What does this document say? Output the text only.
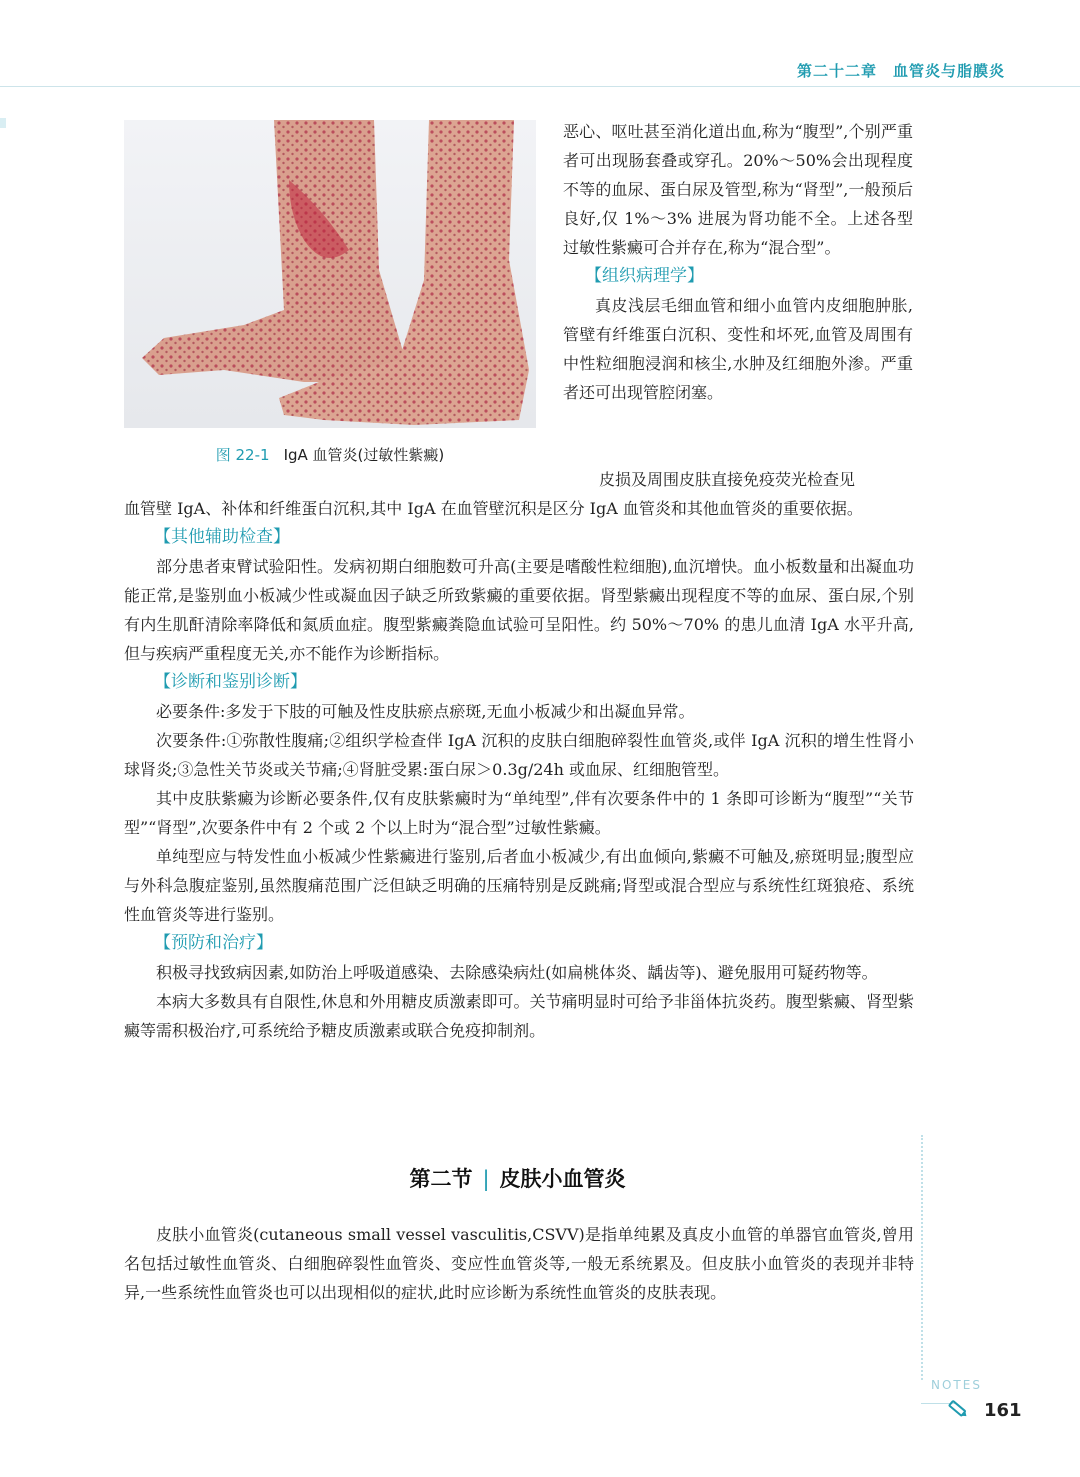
第二十二章　血管炎与脂膜炎
图 22-1 IgA 血管炎(过敏性紫癜)

恶心、呕吐甚至消化道出血,称为“腹型”,个别严重者可出现肠套叠或穿孔。20%～50%会出现程度不等的血尿、蛋白尿及管型,称为“肾型”,一般预后良好,仅 1%～3% 进展为肾功能不全。上述各型过敏性紫癜可合并存在,称为“混合型”。

【组织病理学】

真皮浅层毛细血管和细小血管内皮细胞肿胀,管壁有纤维蛋白沉积、变性和坏死,血管及周围有中性粒细胞浸润和核尘,水肿及红细胞外渗。严重者还可出现管腔闭塞。

皮损及周围皮肤直接免疫荧光检查见

血管壁 IgA、补体和纤维蛋白沉积,其中 IgA 在血管壁沉积是区分 IgA 血管炎和其他血管炎的重要依据。

【其他辅助检查】

部分患者束臂试验阳性。发病初期白细胞数可升高(主要是嗜酸性粒细胞),血沉增快。血小板数量和出凝血功能正常,是鉴别血小板减少性或凝血因子缺乏所致紫癜的重要依据。肾型紫癜出现程度不等的血尿、蛋白尿,个别有内生肌酐清除率降低和氮质血症。腹型紫癜粪隐血试验可呈阳性。约 50%～70% 的患儿血清 IgA 水平升高,但与疾病严重程度无关,亦不能作为诊断指标。

【诊断和鉴别诊断】

必要条件:多发于下肢的可触及性皮肤瘀点瘀斑,无血小板减少和出凝血异常。

次要条件:①弥散性腹痛;②组织学检查伴 IgA 沉积的皮肤白细胞碎裂性血管炎,或伴 IgA 沉积的增生性肾小球肾炎;③急性关节炎或关节痛;④肾脏受累:蛋白尿＞0.3g/24h 或血尿、红细胞管型。

其中皮肤紫癜为诊断必要条件,仅有皮肤紫癜时为“单纯型”,伴有次要条件中的 1 条即可诊断为“腹型”“关节型”“肾型”,次要条件中有 2 个或 2 个以上时为“混合型”过敏性紫癜。

单纯型应与特发性血小板减少性紫癜进行鉴别,后者血小板减少,有出血倾向,紫癜不可触及,瘀斑明显;腹型应与外科急腹症鉴别,虽然腹痛范围广泛但缺乏明确的压痛特别是反跳痛;肾型或混合型应与系统性红斑狼疮、系统性血管炎等进行鉴别。

【预防和治疗】

积极寻找致病因素,如防治上呼吸道感染、去除感染病灶(如扁桃体炎、龋齿等)、避免服用可疑药物等。

本病大多数具有自限性,休息和外用糖皮质激素即可。关节痛明显时可给予非甾体抗炎药。腹型紫癜、肾型紫癜等需积极治疗,可系统给予糖皮质激素或联合免疫抑制剂。

第二节 | 皮肤小血管炎

皮肤小血管炎(cutaneous small vessel vasculitis,CSVV)是指单纯累及真皮小血管的单器官血管炎,曾用名包括过敏性血管炎、白细胞碎裂性血管炎、变应性血管炎等,一般无系统累及。但皮肤小血管炎的表现并非特异,一些系统性血管炎也可以出现相似的症状,此时应诊断为系统性血管炎的皮肤表现。

NOTES
161
